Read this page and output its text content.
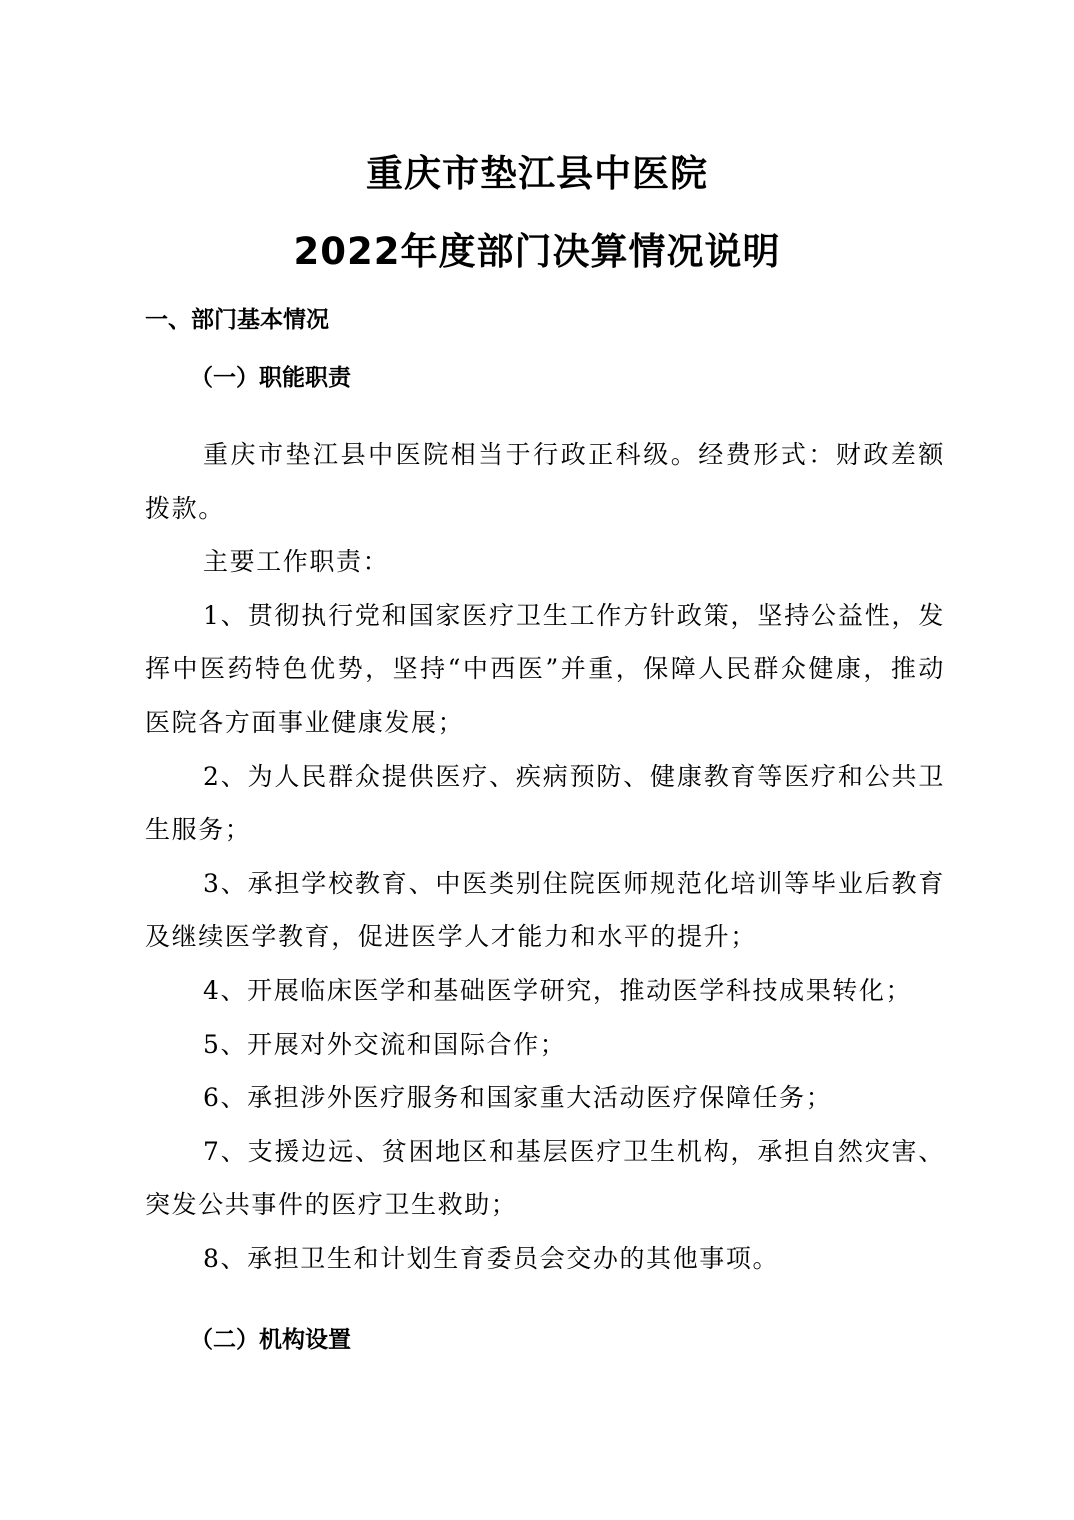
重庆市垫江县中医院
2022年度部门决算情况说明
一、部门基本情况
（一）职能职责

重庆市垫江县中医院相当于行政正科级。经费形式：财政差额拨款。

主要工作职责：

1、贯彻执行党和国家医疗卫生工作方针政策，坚持公益性，发挥中医药特色优势，坚持“中西医”并重，保障人民群众健康，推动医院各方面事业健康发展；

2、为人民群众提供医疗、疾病预防、健康教育等医疗和公共卫生服务；

3、承担学校教育、中医类别住院医师规范化培训等毕业后教育及继续医学教育，促进医学人才能力和水平的提升；

4、开展临床医学和基础医学研究，推动医学科技成果转化；

5、开展对外交流和国际合作；

6、承担涉外医疗服务和国家重大活动医疗保障任务；

7、支援边远、贫困地区和基层医疗卫生机构，承担自然灾害、突发公共事件的医疗卫生救助；

8、承担卫生和计划生育委员会交办的其他事项。

（二）机构设置
